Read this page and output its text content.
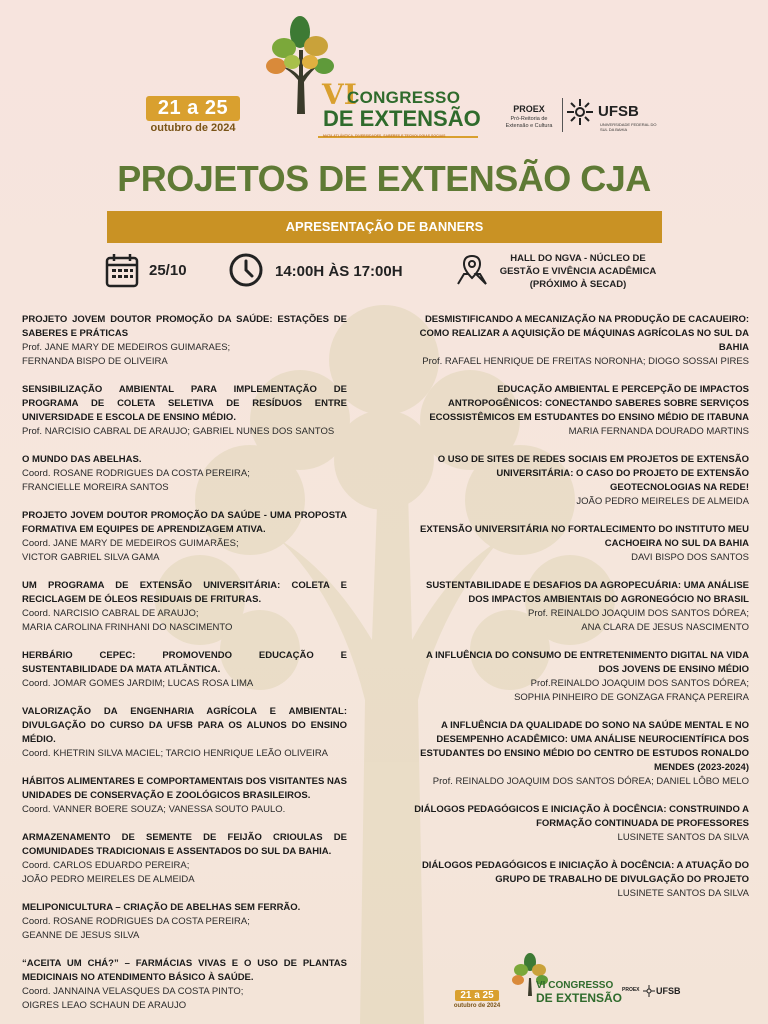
21 a 25
outubro de 2024
VI
CONGRESSO
DE EXTENSÃO
MATA ATLÂNTICA, DIVERSIDADES, SABERES E TECNOLOGIAS SOCIAIS
PROEX
Pró-Reitoria de Extensão e Cultura
UFSB
UNIVERSIDADE FEDERAL DO SUL DA BAHIA
PROJETOS DE EXTENSÃO CJA
APRESENTAÇÃO DE BANNERS
25/10	14:00H ÀS 17:00H
HALL DO NGVA - NÚCLEO DE GESTÃO E VIVÊNCIA ACADÊMICA (PRÓXIMO À SECAD)
PROJETO JOVEM DOUTOR PROMOÇÃO DA SAÚDE: ESTAÇÕES DE SABERES E PRÁTICAS
Prof. JANE MARY DE MEDEIROS GUIMARAES;
FERNANDA BISPO DE OLIVEIRA
SENSIBILIZAÇÃO AMBIENTAL PARA IMPLEMENTAÇÃO DE PROGRAMA DE COLETA SELETIVA DE RESÍDUOS ENTRE UNIVERSIDADE E ESCOLA DE ENSINO MÉDIO.
Prof. NARCISIO CABRAL DE ARAUJO; GABRIEL NUNES DOS SANTOS
O MUNDO DAS ABELHAS.
Coord. ROSANE RODRIGUES DA COSTA PEREIRA;
FRANCIELLE MOREIRA SANTOS
PROJETO JOVEM DOUTOR PROMOÇÃO DA SAÚDE - UMA PROPOSTA FORMATIVA EM EQUIPES DE APRENDIZAGEM ATIVA.
Coord. JANE MARY DE MEDEIROS GUIMARÃES;
VICTOR GABRIEL SILVA GAMA
UM PROGRAMA DE EXTENSÃO UNIVERSITÁRIA: COLETA E RECICLAGEM DE ÓLEOS RESIDUAIS DE FRITURAS.
Coord. NARCISIO CABRAL DE ARAUJO;
MARIA CAROLINA FRINHANI DO NASCIMENTO
HERBÁRIO CEPEC: PROMOVENDO EDUCAÇÃO E SUSTENTABILIDADE DA MATA ATLÂNTICA.
Coord. JOMAR GOMES JARDIM; LUCAS ROSA LIMA
VALORIZAÇÃO DA ENGENHARIA AGRÍCOLA E AMBIENTAL: DIVULGAÇÃO DO CURSO DA UFSB PARA OS ALUNOS DO ENSINO MÉDIO.
Coord. KHETRIN SILVA MACIEL; TARCIO HENRIQUE LEÃO OLIVEIRA
HÁBITOS ALIMENTARES E COMPORTAMENTAIS DOS VISITANTES NAS UNIDADES DE CONSERVAÇÃO E ZOOLÓGICOS BRASILEIROS.
Coord. VANNER BOERE SOUZA; VANESSA SOUTO PAULO.
ARMAZENAMENTO DE SEMENTE DE FEIJÃO CRIOULAS DE COMUNIDADES TRADICIONAIS E ASSENTADOS DO SUL DA BAHIA.
Coord. CARLOS EDUARDO PEREIRA;
JOÃO PEDRO MEIRELES DE ALMEIDA
MELIPONICULTURA – CRIAÇÃO DE ABELHAS SEM FERRÃO.
Coord. ROSANE RODRIGUES DA COSTA PEREIRA;
GEANNE DE JESUS SILVA
“ACEITA UM CHÁ?” – FARMÁCIAS VIVAS E O USO DE PLANTAS MEDICINAIS NO ATENDIMENTO BÁSICO À SAÚDE.
Coord. JANNAINA VELASQUES DA COSTA PINTO;
OIGRES LEAO SCHAUN DE ARAUJO
DESMISTIFICANDO A MECANIZAÇÃO NA PRODUÇÃO DE CACAUEIRO: COMO REALIZAR A AQUISIÇÃO DE MÁQUINAS AGRÍCOLAS NO SUL DA BAHIA
Prof. RAFAEL HENRIQUE DE FREITAS NORONHA; DIOGO SOSSAI PIRES
EDUCAÇÃO AMBIENTAL E PERCEPÇÃO DE IMPACTOS ANTROPOGÊNICOS: CONECTANDO SABERES SOBRE SERVIÇOS ECOSSISTÊMICOS EM ESTUDANTES DO ENSINO MÉDIO DE ITABUNA
MARIA FERNANDA DOURADO MARTINS
O USO DE SITES DE REDES SOCIAIS EM PROJETOS DE EXTENSÃO UNIVERSITÁRIA: O CASO DO PROJETO DE EXTENSÃO GEOTECNOLOGIAS NA REDE!
JOÃO PEDRO MEIRELES DE ALMEIDA
EXTENSÃO UNIVERSITÁRIA NO FORTALECIMENTO DO INSTITUTO MEU CACHOEIRA NO SUL DA BAHIA
DAVI BISPO DOS SANTOS
SUSTENTABILIDADE E DESAFIOS DA AGROPECUÁRIA: UMA ANÁLISE DOS IMPACTOS AMBIENTAIS DO AGRONEGÓCIO NO BRASIL
Prof. REINALDO JOAQUIM DOS SANTOS DÓREA;
ANA CLARA DE JESUS NASCIMENTO
A INFLUÊNCIA DO CONSUMO DE ENTRETENIMENTO DIGITAL NA VIDA DOS JOVENS DE ENSINO MÉDIO
Prof.REINALDO JOAQUIM DOS SANTOS DÓREA;
SOPHIA PINHEIRO DE GONZAGA FRANÇA PEREIRA
A INFLUÊNCIA DA QUALIDADE DO SONO NA SAÚDE MENTAL E NO DESEMPENHO ACADÊMICO: UMA ANÁLISE NEUROCIENTÍFICA DOS ESTUDANTES DO ENSINO MÉDIO DO CENTRO DE ESTUDOS RONALDO MENDES (2023-2024)
Prof. REINALDO JOAQUIM DOS SANTOS DÓREA; DANIEL LÔBO MELO
DIÁLOGOS PEDAGÓGICOS E INICIAÇÃO À DOCÊNCIA: CONSTRUINDO A FORMAÇÃO CONTINUADA DE PROFESSORES
LUSINETE SANTOS DA SILVA
DIÁLOGOS PEDAGÓGICOS E INICIAÇÃO À DOCÊNCIA: A ATUAÇÃO DO GRUPO DE TRABALHO DE DIVULGAÇÃO DO PROJETO
LUSINETE SANTOS DA SILVA
21 a 25
outubro de 2024
VI CONGRESSO
DE EXTENSÃO
PROEX UFSB
